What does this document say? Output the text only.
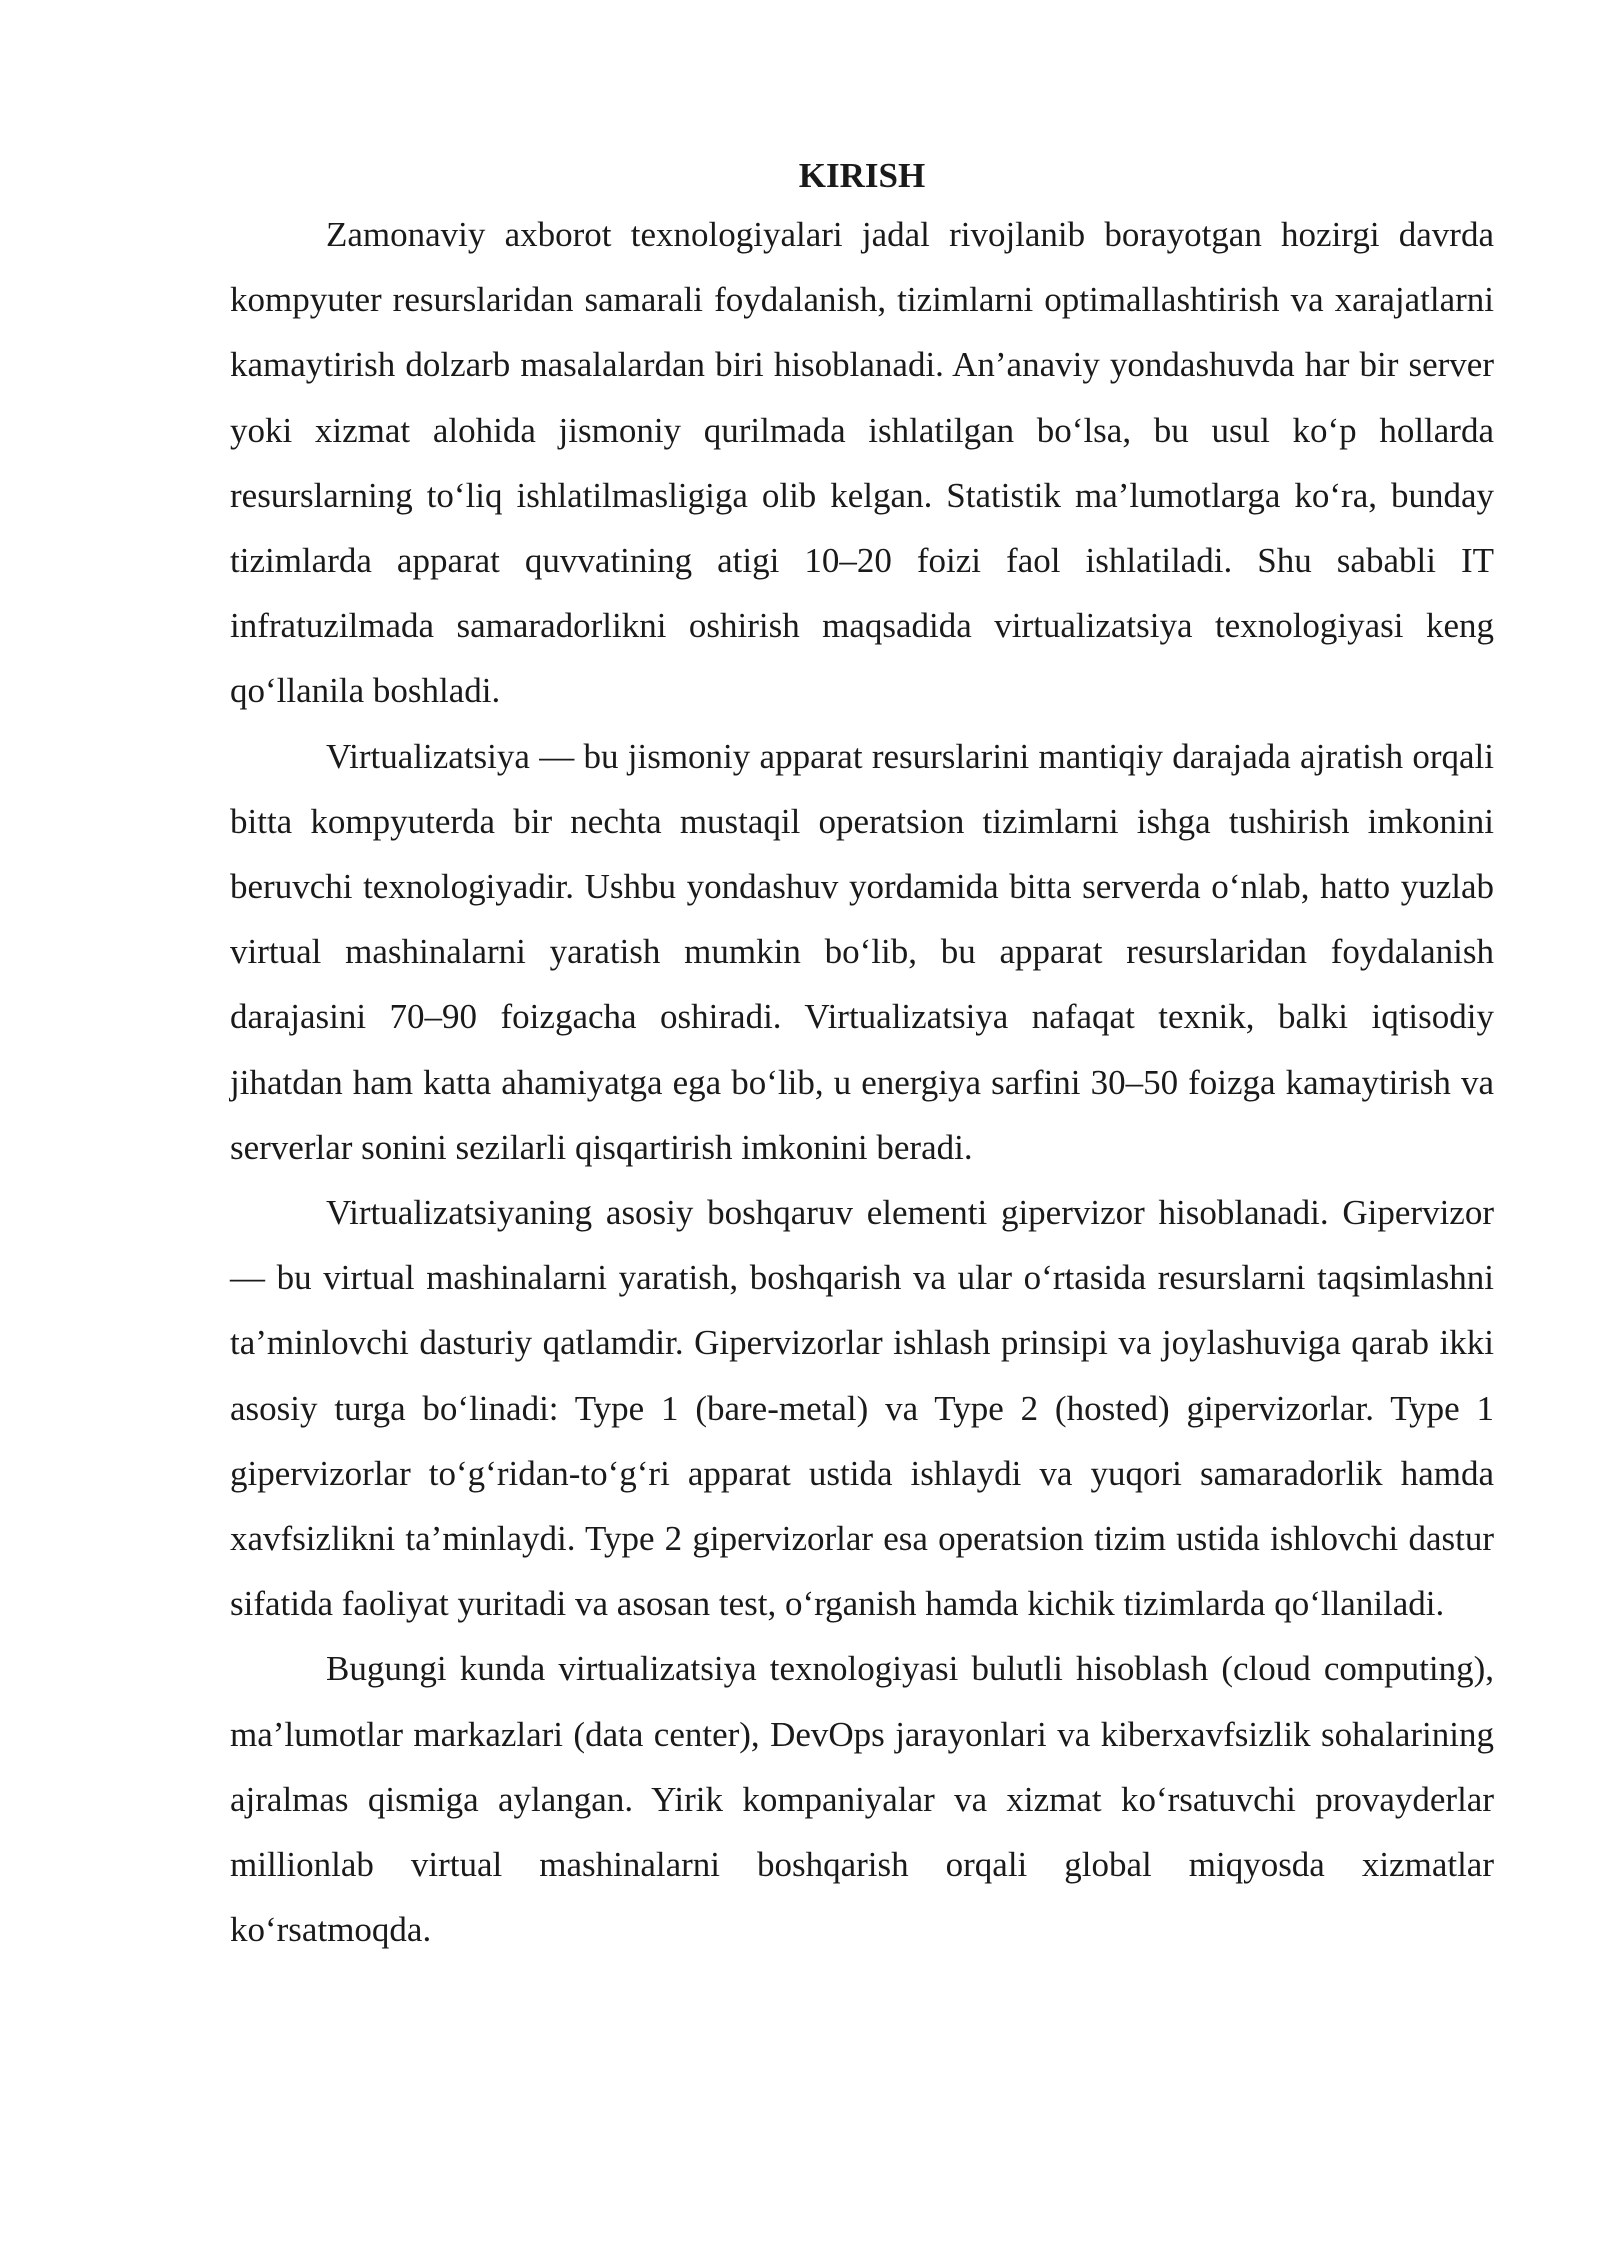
KIRISH

Zamonaviy axborot texnologiyalari jadal rivojlanib borayotgan hozirgi davrda kompyuter resurslaridan samarali foydalanish, tizimlarni optimallashtirish va xarajatlarni kamaytirish dolzarb masalalardan biri hisoblanadi. An’anaviy yondashuvda har bir server yoki xizmat alohida jismoniy qurilmada ishlatilgan bo‘lsa, bu usul ko‘p hollarda resurslarning to‘liq ishlatilmasligiga olib kelgan. Statistik ma’lumotlarga ko‘ra, bunday tizimlarda apparat quvvatining atigi 10–20 foizi faol ishlatiladi. Shu sababli IT infratuzilmada samaradorlikni oshirish maqsadida virtualizatsiya texnologiyasi keng qo‘llanila boshladi.

Virtualizatsiya — bu jismoniy apparat resurslarini mantiqiy darajada ajratish orqali bitta kompyuterda bir nechta mustaqil operatsion tizimlarni ishga tushirish imkonini beruvchi texnologiyadir. Ushbu yondashuv yordamida bitta serverda o‘nlab, hatto yuzlab virtual mashinalarni yaratish mumkin bo‘lib, bu apparat resurslaridan foydalanish darajasini 70–90 foizgacha oshiradi. Virtualizatsiya nafaqat texnik, balki iqtisodiy jihatdan ham katta ahamiyatga ega bo‘lib, u energiya sarfini 30–50 foizga kamaytirish va serverlar sonini sezilarli qisqartirish imkonini beradi.

Virtualizatsiyaning asosiy boshqaruv elementi gipervizor hisoblanadi. Gipervizor — bu virtual mashinalarni yaratish, boshqarish va ular o‘rtasida resurslarni taqsimlashni ta’minlovchi dasturiy qatlamdir. Gipervizorlar ishlash prinsipi va joylashuviga qarab ikki asosiy turga bo‘linadi: Type 1 (bare-metal) va Type 2 (hosted) gipervizorlar. Type 1 gipervizorlar to‘g‘ridan-to‘g‘ri apparat ustida ishlaydi va yuqori samaradorlik hamda xavfsizlikni ta’minlaydi. Type 2 gipervizorlar esa operatsion tizim ustida ishlovchi dastur sifatida faoliyat yuritadi va asosan test, o‘rganish hamda kichik tizimlarda qo‘llaniladi.

Bugungi kunda virtualizatsiya texnologiyasi bulutli hisoblash (cloud computing), ma’lumotlar markazlari (data center), DevOps jarayonlari va kiberxavfsizlik sohalarining ajralmas qismiga aylangan. Yirik kompaniyalar va xizmat ko‘rsatuvchi provayderlar millionlab virtual mashinalarni boshqarish orqali global miqyosda xizmatlar ko‘rsatmoqda.
